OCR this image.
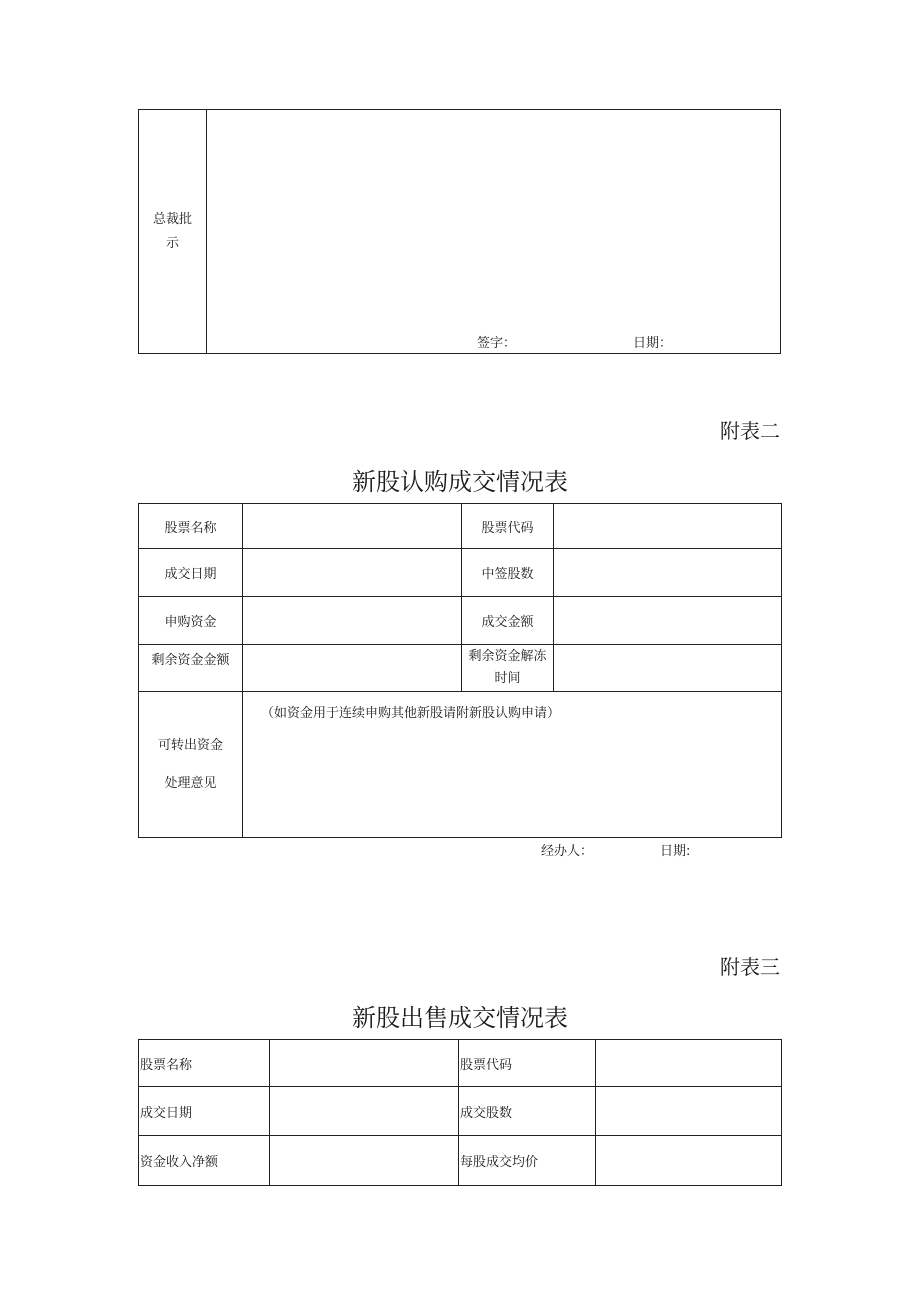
总裁批
示

签字：	日期：
附表二
新股认购成交情况表
股票名称		股票代码	
成交日期		中签股数	
申购资金		成交金额	
剩余资金金额		剩余资金解冻
时间	

可转出资金
处理意见	（如资金用于连续申购其他新股请附新股认购申请）		
经办人：	日期:
附表三
新股出售成交情况表
股票名称		股票代码	
成交日期		成交股数	
资金收入净额		每股成交均价	
